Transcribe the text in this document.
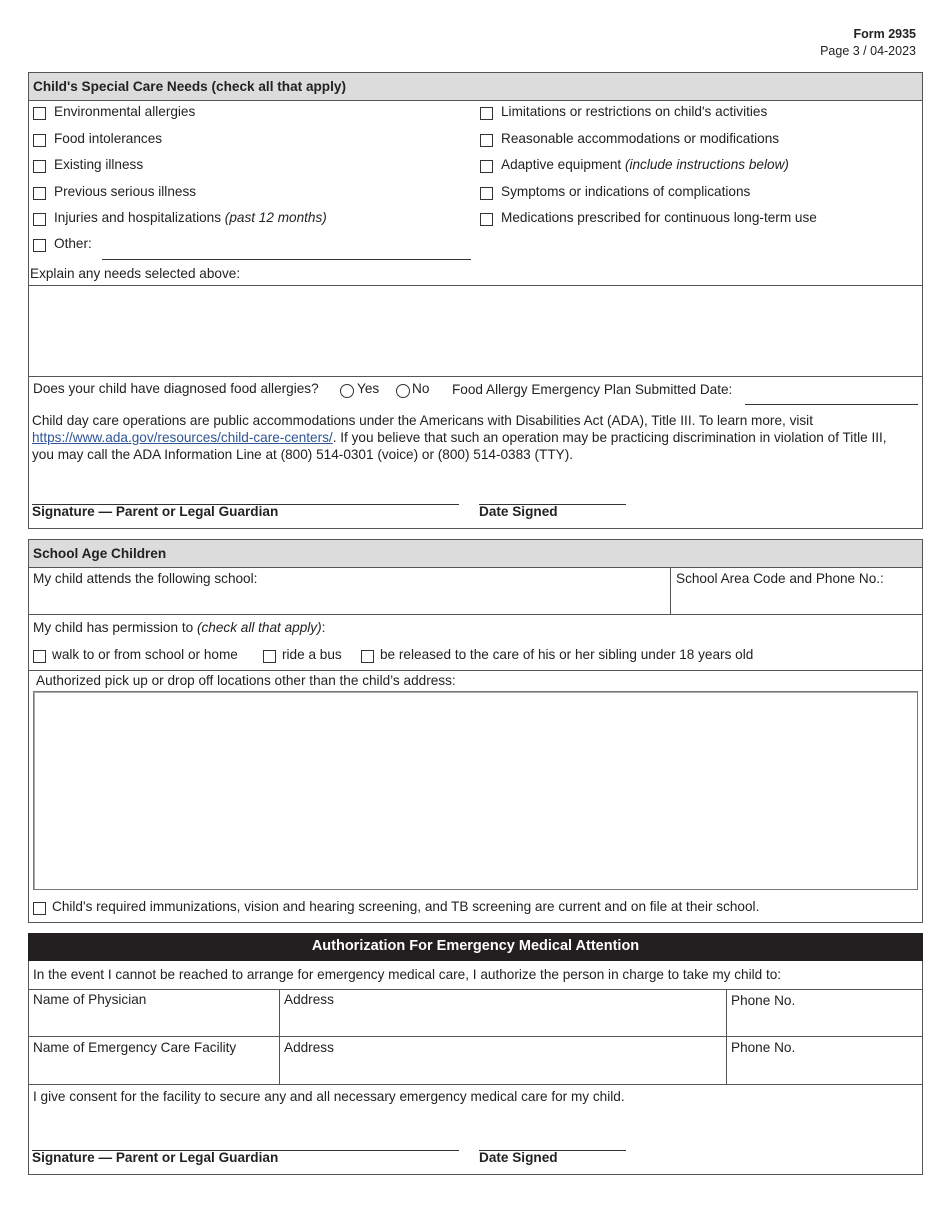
Form 2935
Page 3 / 04-2023
Child's Special Care Needs (check all that apply)
Environmental allergies
Food intolerances
Existing illness
Previous serious illness
Injuries and hospitalizations (past 12 months)
Other:
Limitations or restrictions on child's activities
Reasonable accommodations or modifications
Adaptive equipment (include instructions below)
Symptoms or indications of complications
Medications prescribed for continuous long-term use
Explain any needs selected above:
Does your child have diagnosed food allergies?	Yes No Food Allergy Emergency Plan Submitted Date:
Child day care operations are public accommodations under the Americans with Disabilities Act (ADA), Title III. To learn more, visit https://www.ada.gov/resources/child-care-centers/. If you believe that such an operation may be practicing discrimination in violation of Title III, you may call the ADA Information Line at (800) 514-0301 (voice) or (800) 514-0383 (TTY).
Signature — Parent or Legal Guardian	Date Signed
School Age Children
My child attends the following school:	School Area Code and Phone No.:
My child has permission to (check all that apply):
walk to or from school or home	ride a bus	be released to the care of his or her sibling under 18 years old
Authorized pick up or drop off locations other than the child’s address:
Child's required immunizations, vision and hearing screening, and TB screening are current and on file at their school.
Authorization For Emergency Medical Attention
In the event I cannot be reached to arrange for emergency medical care, I authorize the person in charge to take my child to:
Name of Physician	Address	Phone No.
Name of Emergency Care Facility	Address	Phone No.
I give consent for the facility to secure any and all necessary emergency medical care for my child.
Signature — Parent or Legal Guardian	Date Signed
